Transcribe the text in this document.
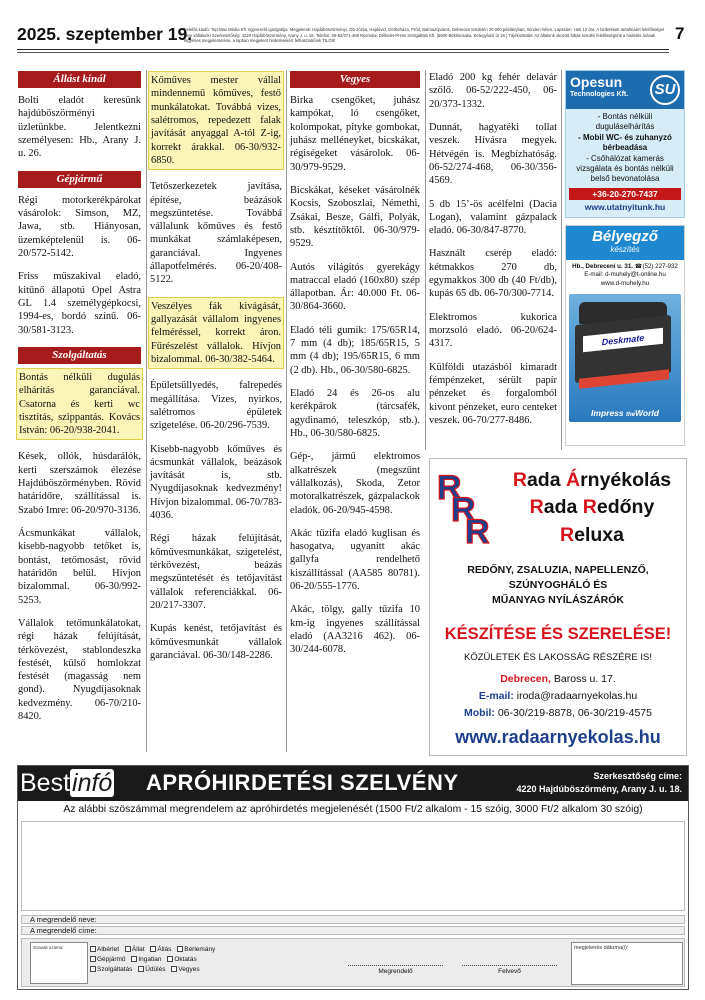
2025. szeptember 19.
Felelős kiadó: Top-Max Média Kft. ügyvezető igazgatója. Megjelenik: Hajdúböszörményi, Ób-Józsa, Hajdúvid, Görbeháza, Pród, Balmazújváros, Debrecen területén 20.000 példányban, minden héten. Lapszám: Heti 12 óra. A hirdetések tartalmáért felelősséget nem vállalunk! Szerkesztőség: 4220 Hajdúböszörmény, Arany J. u. 18. Telefon: 06-52/371-489 Nyomdai: Délkelet-Press Szolgáltató Kft. (5600 Békéscsaba, Kétegyházi út 18.) Tájékoztatás: Az általunk okozott hibás szedés felelősségünk a hirdetés árának ingyenes megjelentetése, a lapban megjelent hirdetésekért felhasználóink TILOS!	7
Állást kínál

Bolti eladót keresünk hajdúböszörményi üzletünkbe. Jelentkezni személyesen: Hb., Arany J. u. 26.

Gépjármű

Régi motorkerékpárokat vásárolok: Simson, MZ, Jawa, stb. Hiányosan, üzemképtelenül is. 06-20/572-5142.

Friss műszakival eladó, kitűnő állapotú Opel Astra GL 1.4 személygépkocsi, 1994-es, bordó színű. 06-30/581-3123.

Szolgáltatás

Bontás nélküli dugulás elhárítás garanciával. Csatorna és kerti wc tisztítás, szippantás. Kovács István: 06-20/938-2041.

Kések, ollók, húsdarálók, kerti szerszámok élezése Hajdúböszörményben. Rövid határidőre, szállítással is. Szabó Imre: 06-20/970-3136.

Ácsmunkákat vállalok, kisebb-nagyobb tetőket is, bontást, tetőmosást, rövid határidőn belül. Hívjon bizalommal. 06-30/992-5253.

Vállalok tetőmunkálatokat, régi házak felújítását, térkövezést, stablondeszka festését, külső homlokzat festését (magasság nem gond). Nyugdíjasoknak kedvezmény. 06-70/210-8420.

Kőműves mester vállal mindennemű kőműves, festő munkálatokat. Továbbá vizes, salétromos, repedezett falak javítását anyaggal A-tól Z-ig, korrekt árakkal. 06-30/932-6850.

Tetőszerkezetek javítása, építése, beázások megszüntetése. Továbbá vállalunk kőműves és festő munkákat számlaképesen, garanciával. Ingyenes állapotfelmérés. 06-20/408-5122.

Veszélyes fák kivágását, gallyazását vállalom ingyenes felméréssel, korrekt áron. Fűrészelést vállalok. Hívjon bizalommal. 06-30/382-5464.

Épületsüllyedés, falrepedés megállítása. Vizes, nyirkos, salétromos épületek szigetelése. 06-20/296-7539.

Kisebb-nagyobb kőműves és ácsmunkát vállalok, beázások javítását is, stb. Nyugdíjasoknak kedvezmény! Hívjon bizalommal. 06-70/783-4036.

Régi házak felújítását, kőművesmunkákat, szigetelést, térkövezést, beázás megszüntetését és tetőjavítást vállalok referenciákkal. 06-20/217-3307.

Kupás kenést, tetőjavítást és kőművesmunkát vállalok garanciával. 06-30/148-2286.

Vegyes

Birka csengőket, juhász kampókat, ló csengőket, kolompokat, pityke gombokat, juhász melléneyket, bicskákat, régiségeket vásárolok. 06-30/979-9529.

Bicskákat, késeket vásárolnék Kocsis, Szoboszlai, Némethi, Zsákai, Besze, Gálfi, Polyák, stb. késztítőktől. 06-30/979-9529.

Autós világítós gyerekágy matraccal eladó (160x80) szép állapotban. Ár: 40.000 Ft. 06-30/864-3660.

Eladó téli gumik: 175/65R14, 7 mm (4 db); 185/65R15, 5 mm (4 db); 195/65R15, 6 mm (2 db). Hb., 06-30/580-6825.

Eladó 24 és 26-os alu kerékpárok (tárcsafék, agydinamó, teleszkóp, stb.). Hb., 06-30/580-6825.

Gép-, jármű elektromos alkatrészek (megszűnt vállalkozás), Skoda, Zetor motoralkatrészek, gázpalackok eladók. 06-20/945-4598.

Akác tűzifa eladó kuglisan és hasogatva, ugyanitt akác gallyfa rendelhető kiszállítással (AA585 80781). 06-20/555-1776.

Akác, tölgy, gally tűzifa 10 km-ig ingyenes szállítással eladó (AA3216 462). 06-30/244-6078.

Eladó 200 kg fehér delavár szőlő. 06-52/222-450, 06-20/373-1332.

Dunnát, hagyatéki tollat veszek. Hívásra megyek. Hétvégén is. Megbízhatóság. 06-52/274-468, 06-30/356-4569.

5 db 15’-ös acélfelni (Dacia Logan), valamint gázpalack eladó. 06-30/847-8770.

Használt cserép eladó: kétmakkos 270 db, egymakkos 300 db (40 Ft/db), kupás 65 db. 06-70/300-7714.

Elektromos kukorica morzsoló eladó. 06-20/624-4317.

Külföldi utazásból kimaradt fémpénzeket, sérült papír pénzeket és forgalomból kivont pénzeket, euro centeket veszek. 06-70/277-8486.

Opesun
Technologies Kft.	SU
- Bontás nélküli duguláselhárítás
- Mobil WC- és zuhanyzó bérbeadása
- Csőhálózat kamerás vizsgálata és bontás nélküli belső bevonatolása
+36-20-270-7437
www.utatnyitunk.hu
Bélyegző
készítés
Hb., Debreceni u. 31. ☎(52) 227-932
E-mail: d-muhely@t-online.hu
www.d-muhely.hu
Deskmate
Impress theWorld
R
R
R
Rada Árnyékolás
Rada Redőny
Reluxa
REDŐNY, ZSALUZIA, NAPELLENZŐ,
SZÚNYOGHÁLÓ ÉS
MŰANYAG NYÍLÁSZÁRÓK
KÉSZÍTÉSE ÉS SZERELÉSE!
KÖZÜLETEK ÉS LAKOSSÁG RÉSZÉRE IS!
Debrecen, Baross u. 17.
E-mail: iroda@radaarnyekolas.hu
Mobil: 06-30/219-8878, 06-30/219-4575
www.radaarnyekolas.hu
Bestinfó	APRÓHIRDETÉSI SZELVÉNY	Szerkesztőség címe:
4220 Hajdúböszörmény, Arany J. u. 18.
Az alábbi szöszámmal megrendelem az apróhirdetés megjelenését (1500 Ft/2 alkalom - 15 szóig, 3000 Ft/2 alkalom 30 szóig)
A megrendelő neve:
A megrendelő címe:
Szavak száma:	Albérlet Állat Állás Bérlemány
Gépjármű Ingatlan Oktatás
Szolgáltatás Üdülés Vegyes	Megrendelő	Felvevő
megjelenés dátuma(i):
